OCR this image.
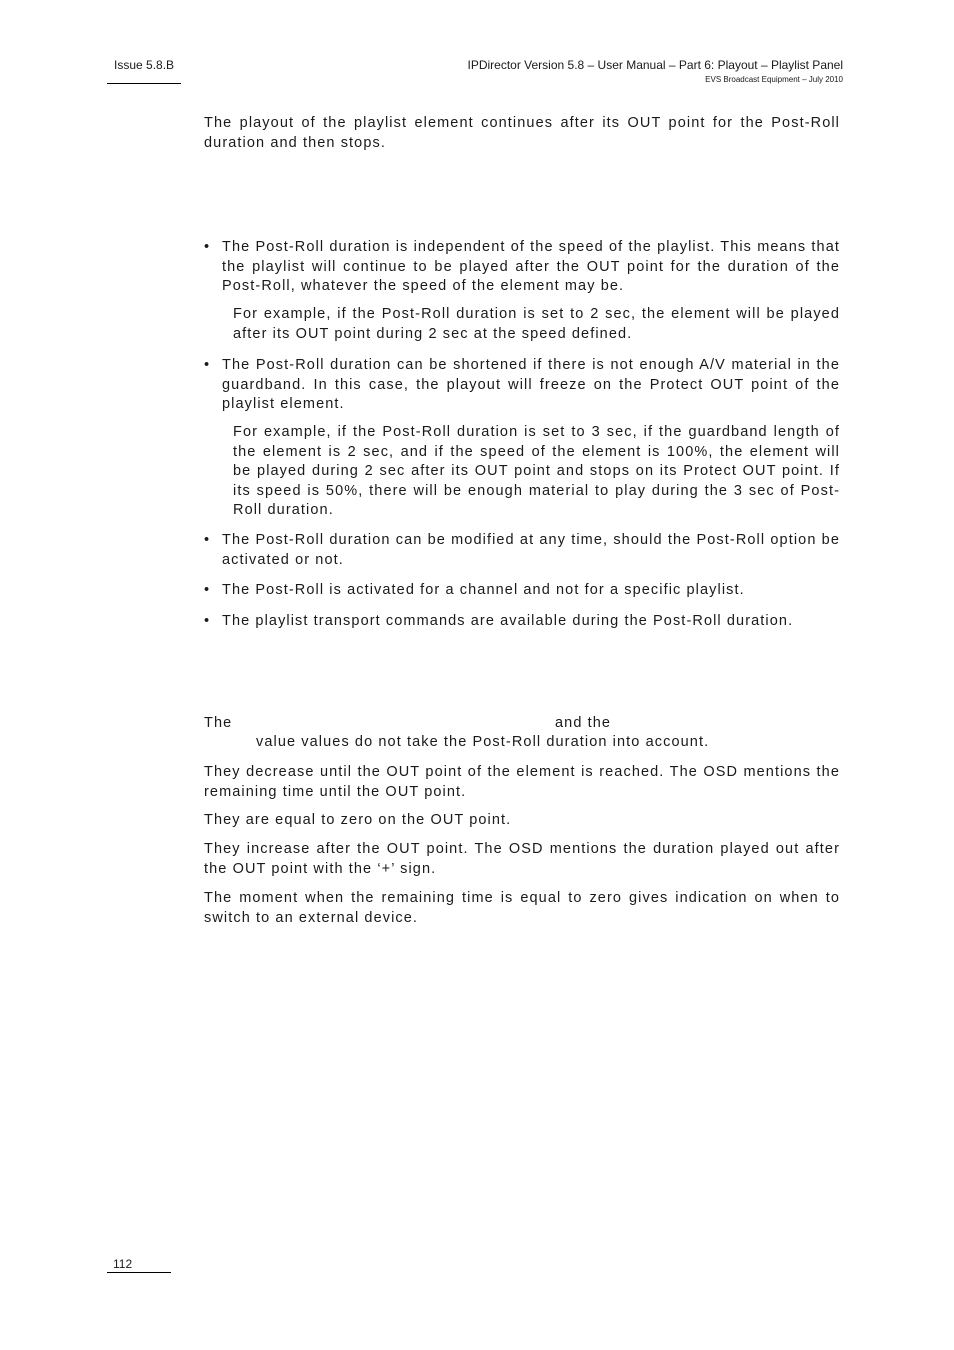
Issue 5.8.B	IPDirector Version 5.8 – User Manual – Part 6: Playout – Playlist Panel
EVS Broadcast Equipment – July 2010

The playout of the playlist element continues after its OUT point for the Post-Roll duration and then stops.

• The Post-Roll duration is independent of the speed of the playlist. This means that the playlist will continue to be played after the OUT point for the duration of the Post-Roll, whatever the speed of the element may be.

For example, if the Post-Roll duration is set to 2 sec, the element will be played after its OUT point during 2 sec at the speed defined.
• The Post-Roll duration can be shortened if there is not enough A/V material in the guardband. In this case, the playout will freeze on the Protect OUT point of the playlist element.

For example, if the Post-Roll duration is set to 3 sec, if the guardband length of the element is 2 sec, and if the speed of the element is 100%, the element will be played during 2 sec after its OUT point and stops on its Protect OUT point. If its speed is 50%, there will be enough material to play during the 3 sec of Post-Roll duration.
• The Post-Roll duration can be modified at any time, should the Post-Roll option be activated or not.

• The Post-Roll is activated for a channel and not for a specific playlist.

• The playlist transport commands are available during the Post-Roll duration.

The	and the
value values do not take the Post-Roll duration into account.

They decrease until the OUT point of the element is reached. The OSD mentions the remaining time until the OUT point.

They are equal to zero on the OUT point.

They increase after the OUT point. The OSD mentions the duration played out after the OUT point with the ‘+’ sign.

The moment when the remaining time is equal to zero gives indication on when to switch to an external device.

112
